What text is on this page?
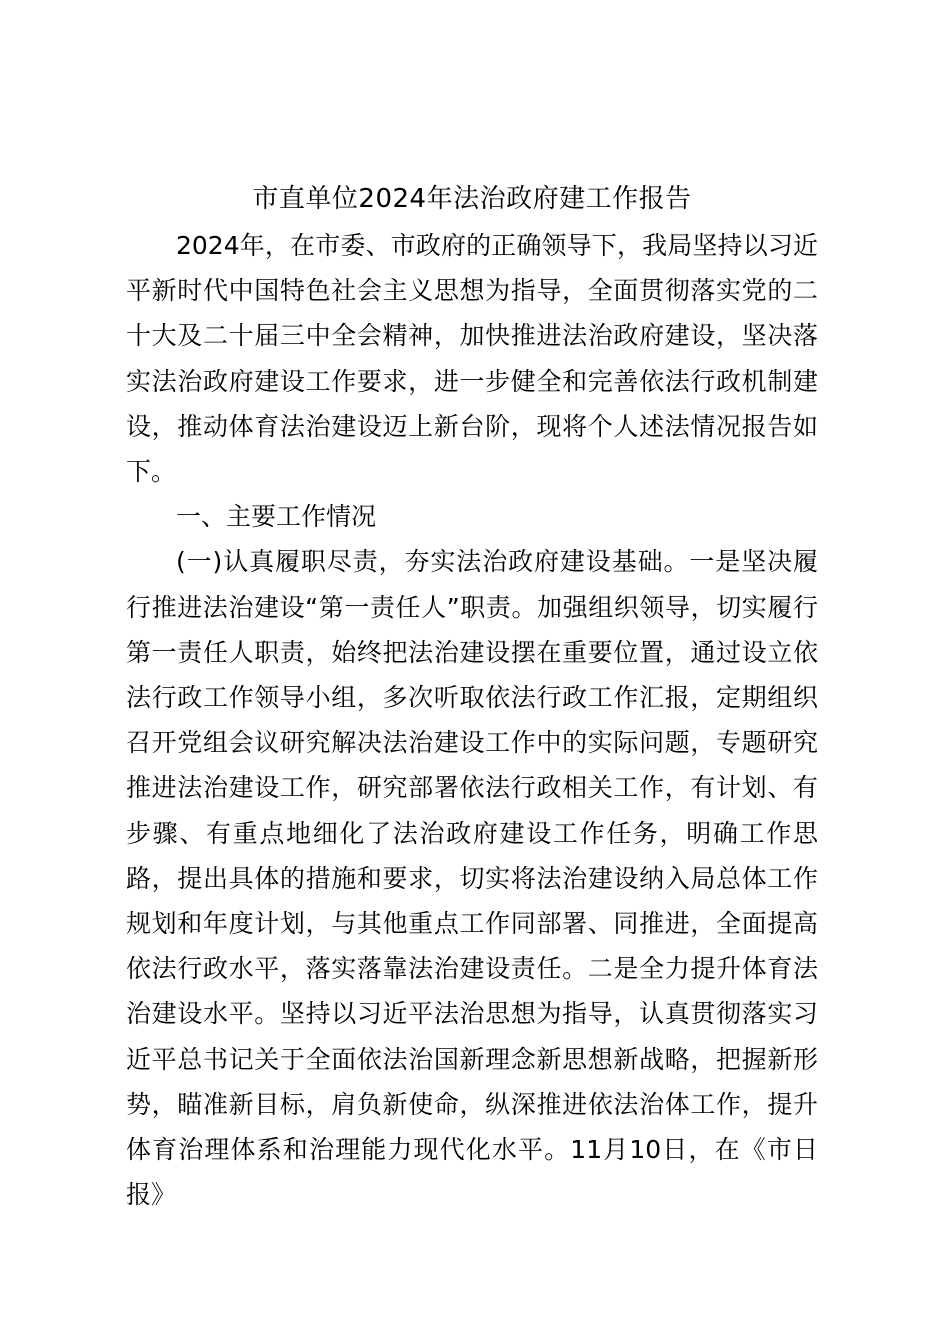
市直单位2024年法治政府建工作报告

2024年，在市委、市政府的正确领导下，我局坚持以习近平新时代中国特色社会主义思想为指导，全面贯彻落实党的二十大及二十届三中全会精神，加快推进法治政府建设，坚决落实法治政府建设工作要求，进一步健全和完善依法行政机制建设，推动体育法治建设迈上新台阶，现将个人述法情况报告如下。

一、主要工作情况

(一)认真履职尽责，夯实法治政府建设基础。一是坚决履行推进法治建设“第一责任人”职责。加强组织领导，切实履行第一责任人职责，始终把法治建设摆在重要位置，通过设立依法行政工作领导小组，多次听取依法行政工作汇报，定期组织召开党组会议研究解决法治建设工作中的实际问题，专题研究推进法治建设工作，研究部署依法行政相关工作，有计划、有步骤、有重点地细化了法治政府建设工作任务，明确工作思路，提出具体的措施和要求，切实将法治建设纳入局总体工作规划和年度计划，与其他重点工作同部署、同推进，全面提高依法行政水平，落实落靠法治建设责任。二是全力提升体育法治建设水平。坚持以习近平法治思想为指导，认真贯彻落实习近平总书记关于全面依法治国新理念新思想新战略，把握新形势，瞄准新目标，肩负新使命，纵深推进依法治体工作，提升体育治理体系和治理能力现代化水平。11月10日，在《市日报》
